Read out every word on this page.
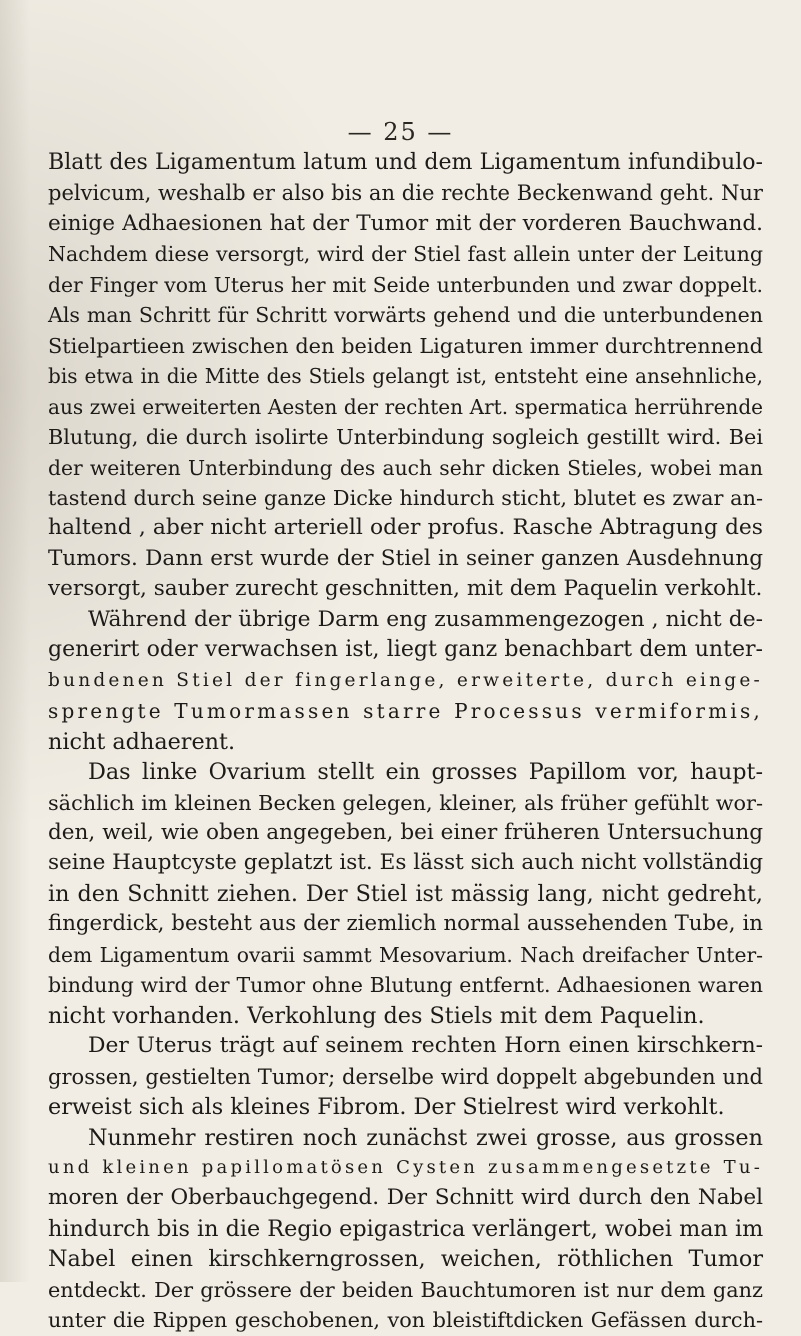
— 25 —
Blatt des Ligamentum latum und dem Ligamentum infundibulo-
pelvicum, weshalb er also bis an die rechte Beckenwand geht. Nur
einige Adhaesionen hat der Tumor mit der vorderen Bauchwand.
Nachdem diese versorgt, wird der Stiel fast allein unter der Leitung
der Finger vom Uterus her mit Seide unterbunden und zwar doppelt.
Als man Schritt für Schritt vorwärts gehend und die unterbundenen
Stielpartieen zwischen den beiden Ligaturen immer durchtrennend
bis etwa in die Mitte des Stiels gelangt ist, entsteht eine ansehnliche,
aus zwei erweiterten Aesten der rechten Art. spermatica herrührende
Blutung, die durch isolirte Unterbindung sogleich gestillt wird. Bei
der weiteren Unterbindung des auch sehr dicken Stieles, wobei man
tastend durch seine ganze Dicke hindurch sticht, blutet es zwar an-
haltend , aber nicht arteriell oder profus. Rasche Abtragung des
Tumors. Dann erst wurde der Stiel in seiner ganzen Ausdehnung
versorgt, sauber zurecht geschnitten, mit dem Paquelin verkohlt.
Während der übrige Darm eng zusammengezogen , nicht de-
generirt oder verwachsen ist, liegt ganz benachbart dem unter-
bundenen Stiel der fingerlange, erweiterte, durch einge-
sprengte Tumormassen starre Processus vermiformis,
nicht adhaerent.
Das linke Ovarium stellt ein grosses Papillom vor, haupt-
sächlich im kleinen Becken gelegen, kleiner, als früher gefühlt wor-
den, weil, wie oben angegeben, bei einer früheren Untersuchung
seine Hauptcyste geplatzt ist. Es lässt sich auch nicht vollständig
in den Schnitt ziehen. Der Stiel ist mässig lang, nicht gedreht,
fingerdick, besteht aus der ziemlich normal aussehenden Tube, in
dem Ligamentum ovarii sammt Mesovarium. Nach dreifacher Unter-
bindung wird der Tumor ohne Blutung entfernt. Adhaesionen waren
nicht vorhanden. Verkohlung des Stiels mit dem Paquelin.
Der Uterus trägt auf seinem rechten Horn einen kirschkern-
grossen, gestielten Tumor; derselbe wird doppelt abgebunden und
erweist sich als kleines Fibrom. Der Stielrest wird verkohlt.
Nunmehr restiren noch zunächst zwei grosse, aus grossen
und kleinen papillomatösen Cysten zusammengesetzte Tu-
moren der Oberbauchgegend. Der Schnitt wird durch den Nabel
hindurch bis in die Regio epigastrica verlängert, wobei man im
Nabel einen kirschkerngrossen, weichen, röthlichen Tumor
entdeckt. Der grössere der beiden Bauchtumoren ist nur dem ganz
unter die Rippen geschobenen, von bleistiftdicken Gefässen durch-
